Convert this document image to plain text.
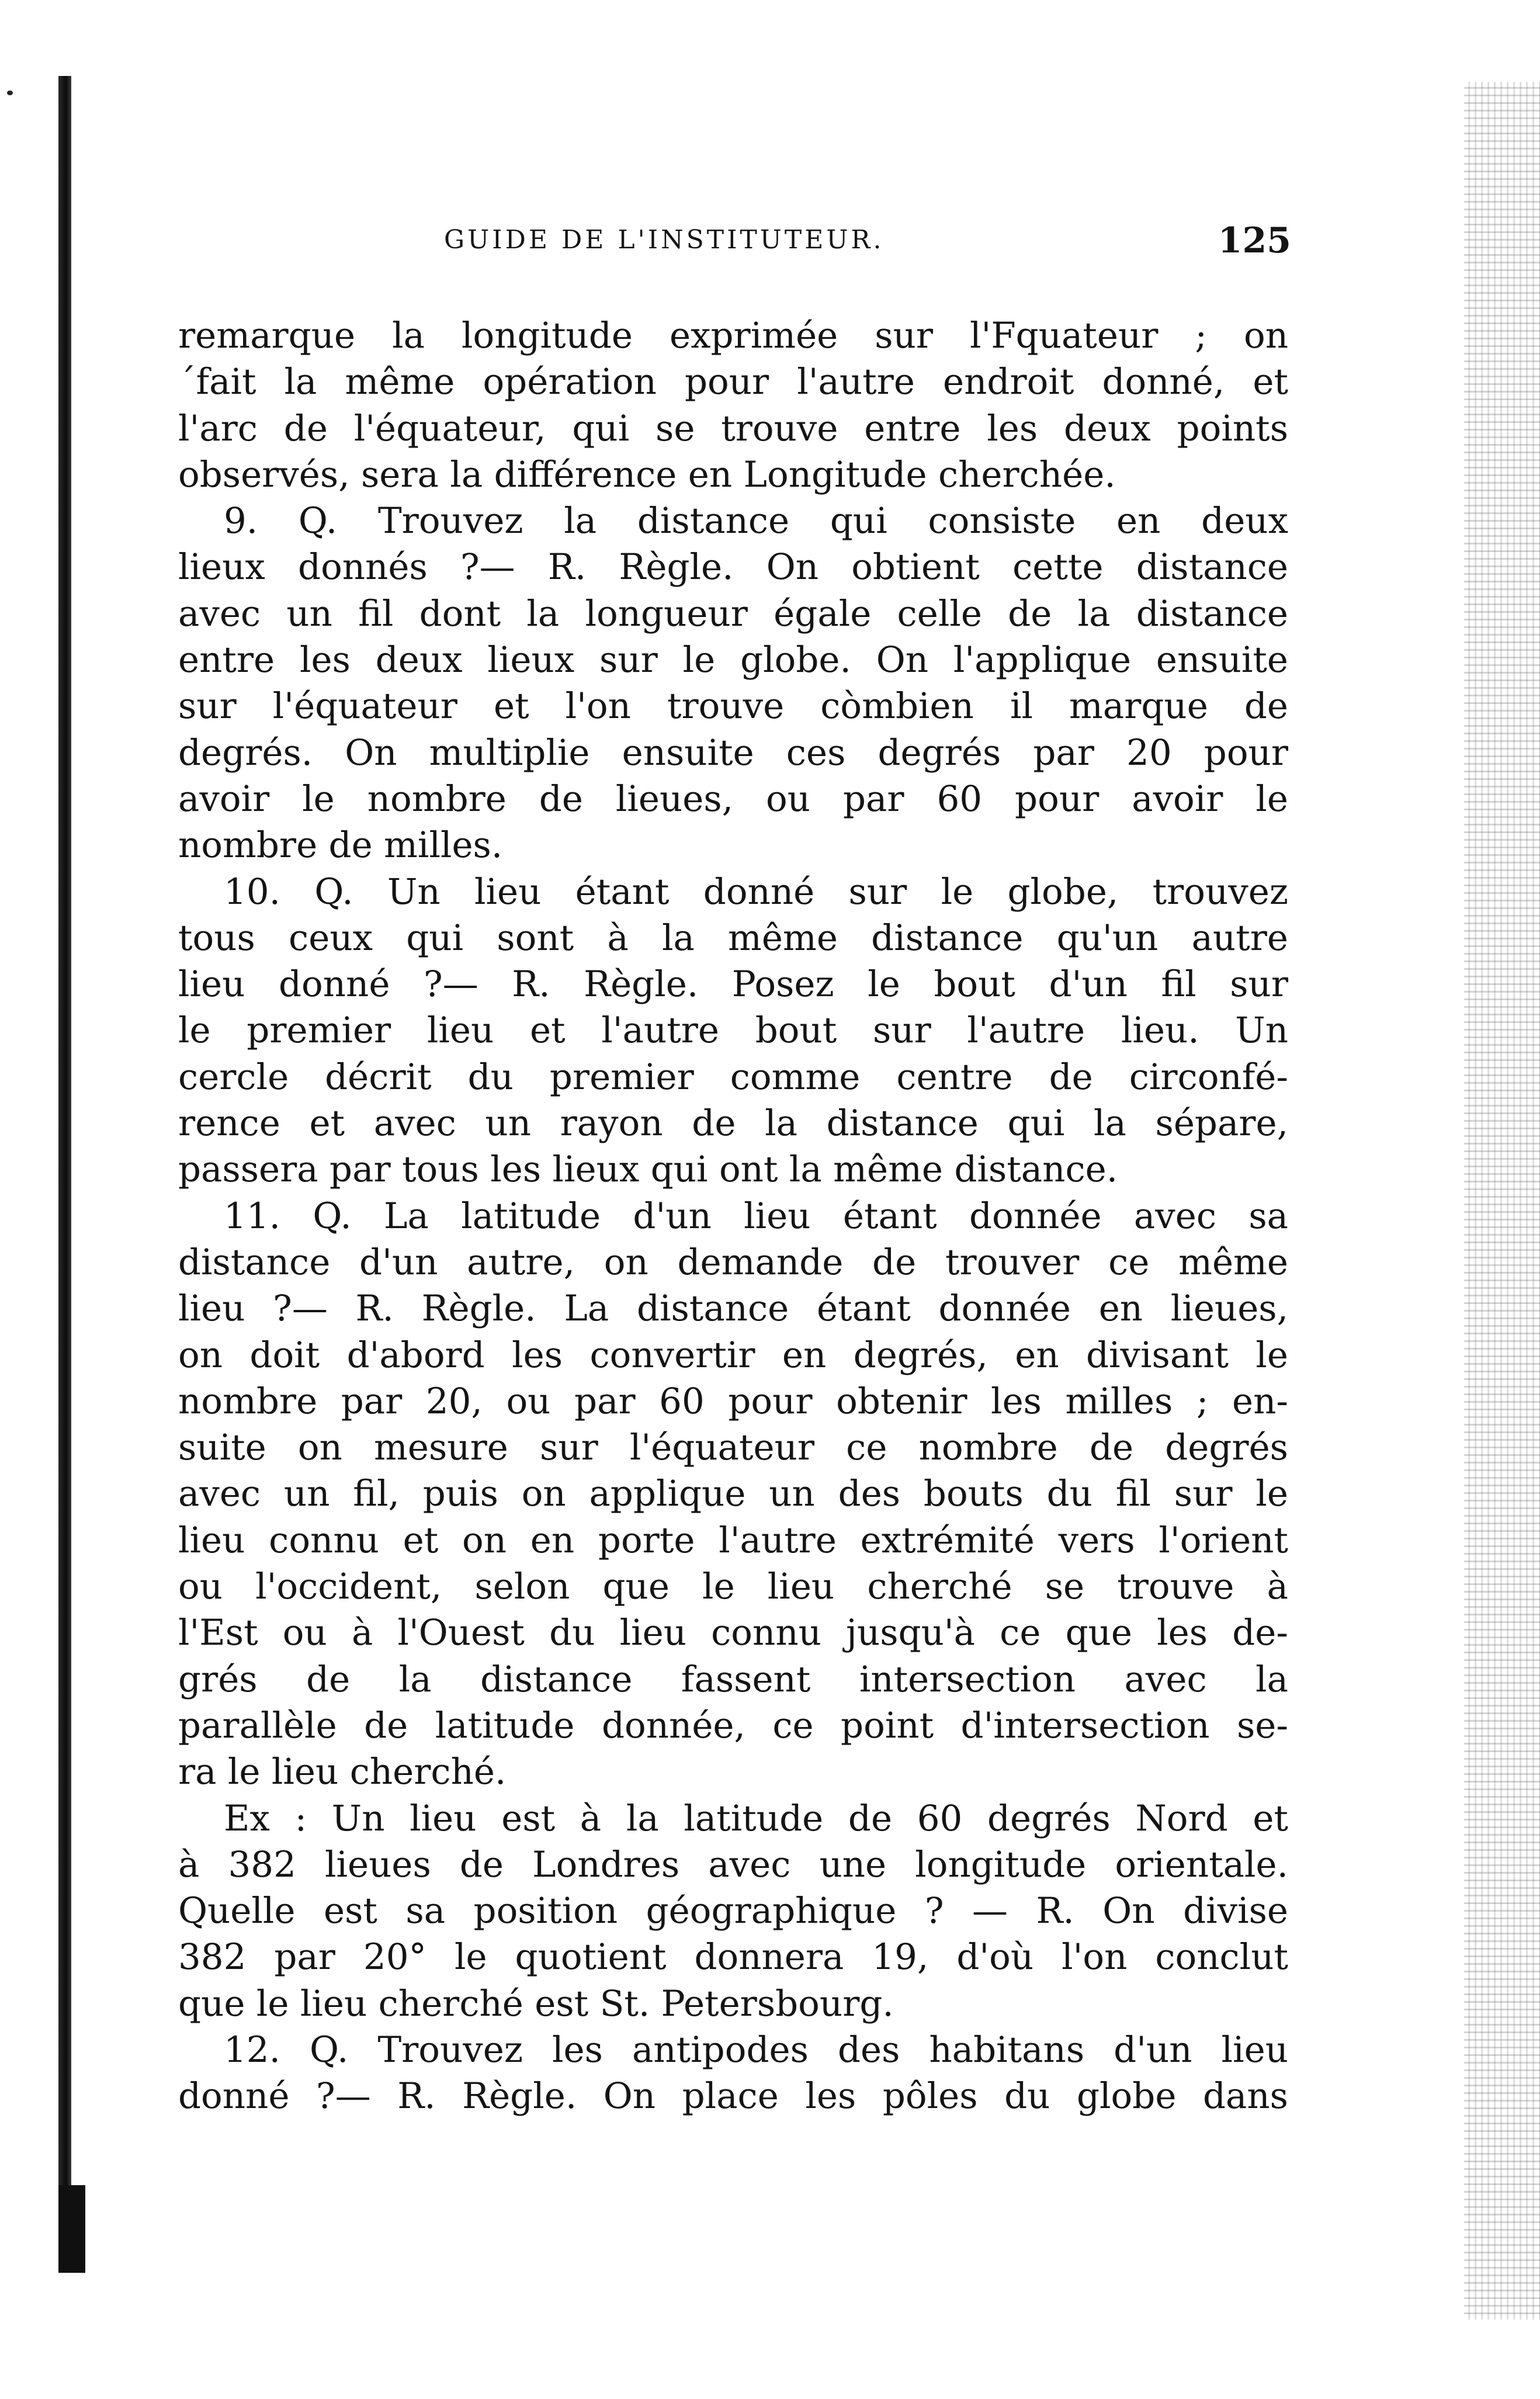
GUIDE DE L'INSTITUTEUR.	125
remarque la longitude exprimée sur l'Fquateur ; on
´fait la même opération pour l'autre endroit donné, et
l'arc de l'équateur, qui se trouve entre les deux points
observés, sera la différence en Longitude cherchée.
9. Q. Trouvez la distance qui consiste en deux
lieux donnés ?— R. Règle. On obtient cette distance
avec un fil dont la longueur égale celle de la distance
entre les deux lieux sur le globe. On l'applique ensuite
sur l'équateur et l'on trouve còmbien il marque de
degrés. On multiplie ensuite ces degrés par 20 pour
avoir le nombre de lieues, ou par 60 pour avoir le
nombre de milles.
10. Q. Un lieu étant donné sur le globe, trouvez
tous ceux qui sont à la même distance qu'un autre
lieu donné ?— R. Règle. Posez le bout d'un fil sur
le premier lieu et l'autre bout sur l'autre lieu. Un
cercle décrit du premier comme centre de circonfé-
rence et avec un rayon de la distance qui la sépare,
passera par tous les lieux qui ont la même distance.
11. Q. La latitude d'un lieu étant donnée avec sa
distance d'un autre, on demande de trouver ce même
lieu ?— R. Règle. La distance étant donnée en lieues,
on doit d'abord les convertir en degrés, en divisant le
nombre par 20, ou par 60 pour obtenir les milles ; en-
suite on mesure sur l'équateur ce nombre de degrés
avec un fil, puis on applique un des bouts du fil sur le
lieu connu et on en porte l'autre extrémité vers l'orient
ou l'occident, selon que le lieu cherché se trouve à
l'Est ou à l'Ouest du lieu connu jusqu'à ce que les de-
grés de la distance fassent intersection avec la
parallèle de latitude donnée, ce point d'intersection se-
ra le lieu cherché.
Ex : Un lieu est à la latitude de 60 degrés Nord et
à 382 lieues de Londres avec une longitude orientale.
Quelle est sa position géographique ? — R. On divise
382 par 20° le quotient donnera 19, d'où l'on conclut
que le lieu cherché est St. Petersbourg.
12. Q. Trouvez les antipodes des habitans d'un lieu
donné ?— R. Règle. On place les pôles du globe dans
